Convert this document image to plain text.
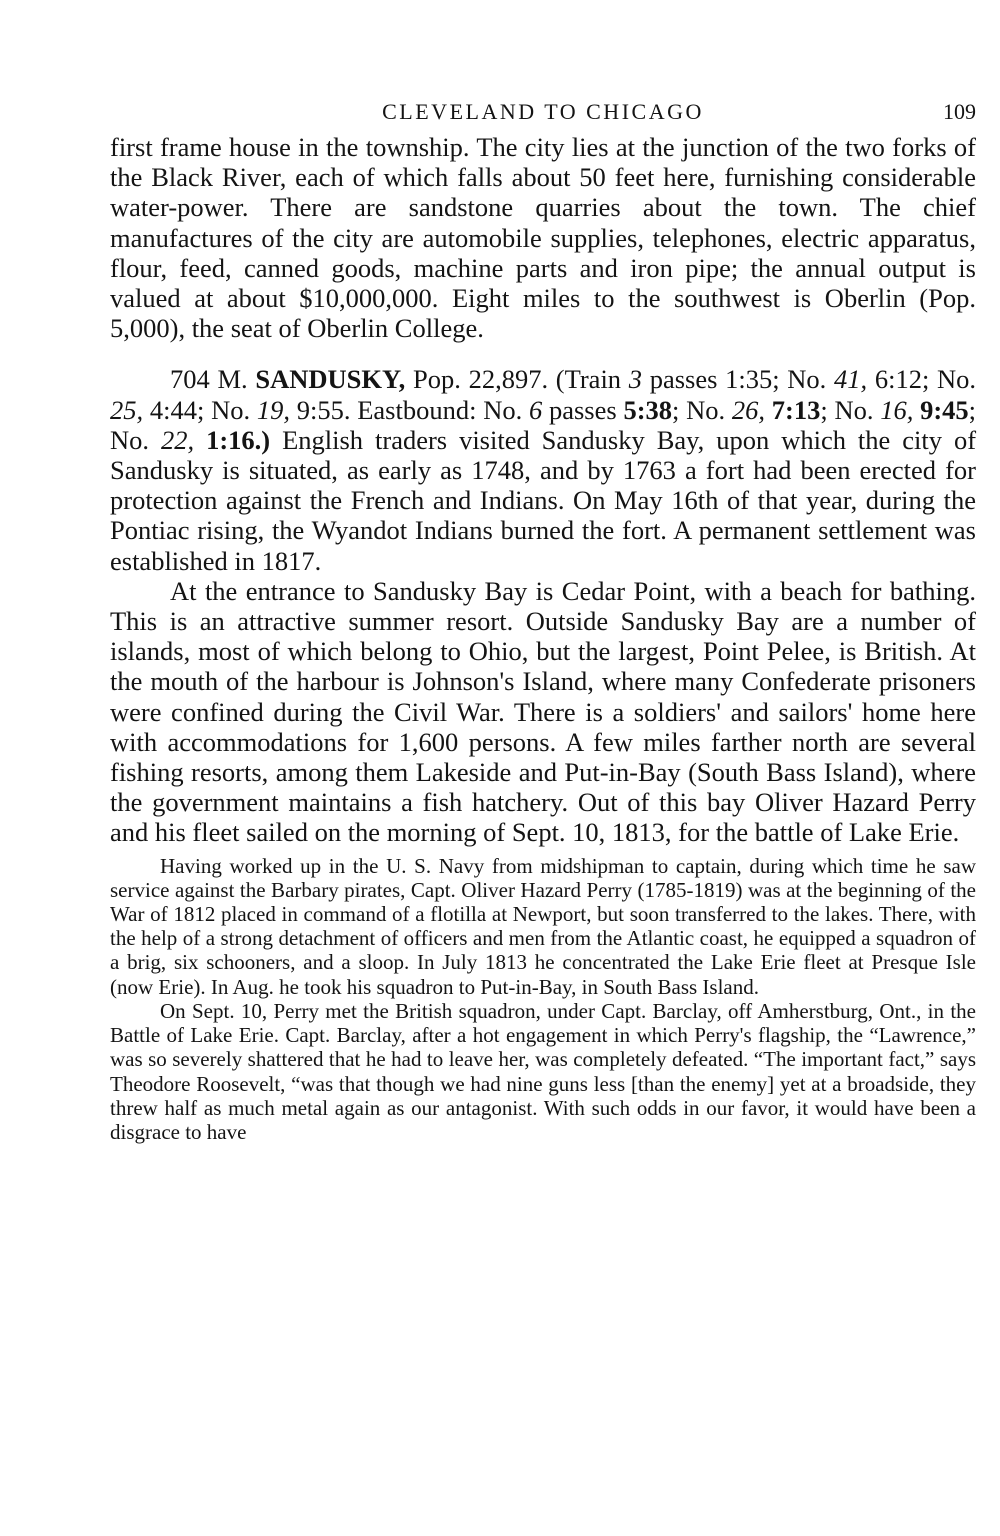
CLEVELAND TO CHICAGO	109

first frame house in the township. The city lies at the junction of the two forks of the Black River, each of which falls about 50 feet here, furnishing considerable water-power. There are sandstone quarries about the town. The chief manufactures of the city are automobile supplies, telephones, electric apparatus, flour, feed, canned goods, machine parts and iron pipe; the annual output is valued at about $10,000,000. Eight miles to the southwest is Oberlin (Pop. 5,000), the seat of Oberlin College.

704 M. SANDUSKY, Pop. 22,897. (Train 3 passes 1:35; No. 41, 6:12; No. 25, 4:44; No. 19, 9:55. Eastbound: No. 6 passes 5:38; No. 26, 7:13; No. 16, 9:45; No. 22, 1:16.) English traders visited Sandusky Bay, upon which the city of Sandusky is situated, as early as 1748, and by 1763 a fort had been erected for protection against the French and Indians. On May 16th of that year, during the Pontiac rising, the Wyandot Indians burned the fort. A permanent settlement was established in 1817.

At the entrance to Sandusky Bay is Cedar Point, with a beach for bathing. This is an attractive summer resort. Outside Sandusky Bay are a number of islands, most of which belong to Ohio, but the largest, Point Pelee, is British. At the mouth of the harbour is Johnson's Island, where many Confederate prisoners were confined during the Civil War. There is a soldiers' and sailors' home here with accommodations for 1,600 persons. A few miles farther north are several fishing resorts, among them Lakeside and Put-in-Bay (South Bass Island), where the government maintains a fish hatchery. Out of this bay Oliver Hazard Perry and his fleet sailed on the morning of Sept. 10, 1813, for the battle of Lake Erie.

Having worked up in the U. S. Navy from midshipman to captain, during which time he saw service against the Barbary pirates, Capt. Oliver Hazard Perry (1785-1819) was at the beginning of the War of 1812 placed in command of a flotilla at Newport, but soon transferred to the lakes. There, with the help of a strong detachment of officers and men from the Atlantic coast, he equipped a squadron of a brig, six schooners, and a sloop. In July 1813 he concentrated the Lake Erie fleet at Presque Isle (now Erie). In Aug. he took his squadron to Put-in-Bay, in South Bass Island.

On Sept. 10, Perry met the British squadron, under Capt. Barclay, off Amherstburg, Ont., in the Battle of Lake Erie. Capt. Barclay, after a hot engagement in which Perry's flagship, the “Lawrence,” was so severely shattered that he had to leave her, was completely defeated. “The important fact,” says Theodore Roosevelt, “was that though we had nine guns less [than the enemy] yet at a broadside, they threw half as much metal again as our antagonist. With such odds in our favor, it would have been a disgrace to have
